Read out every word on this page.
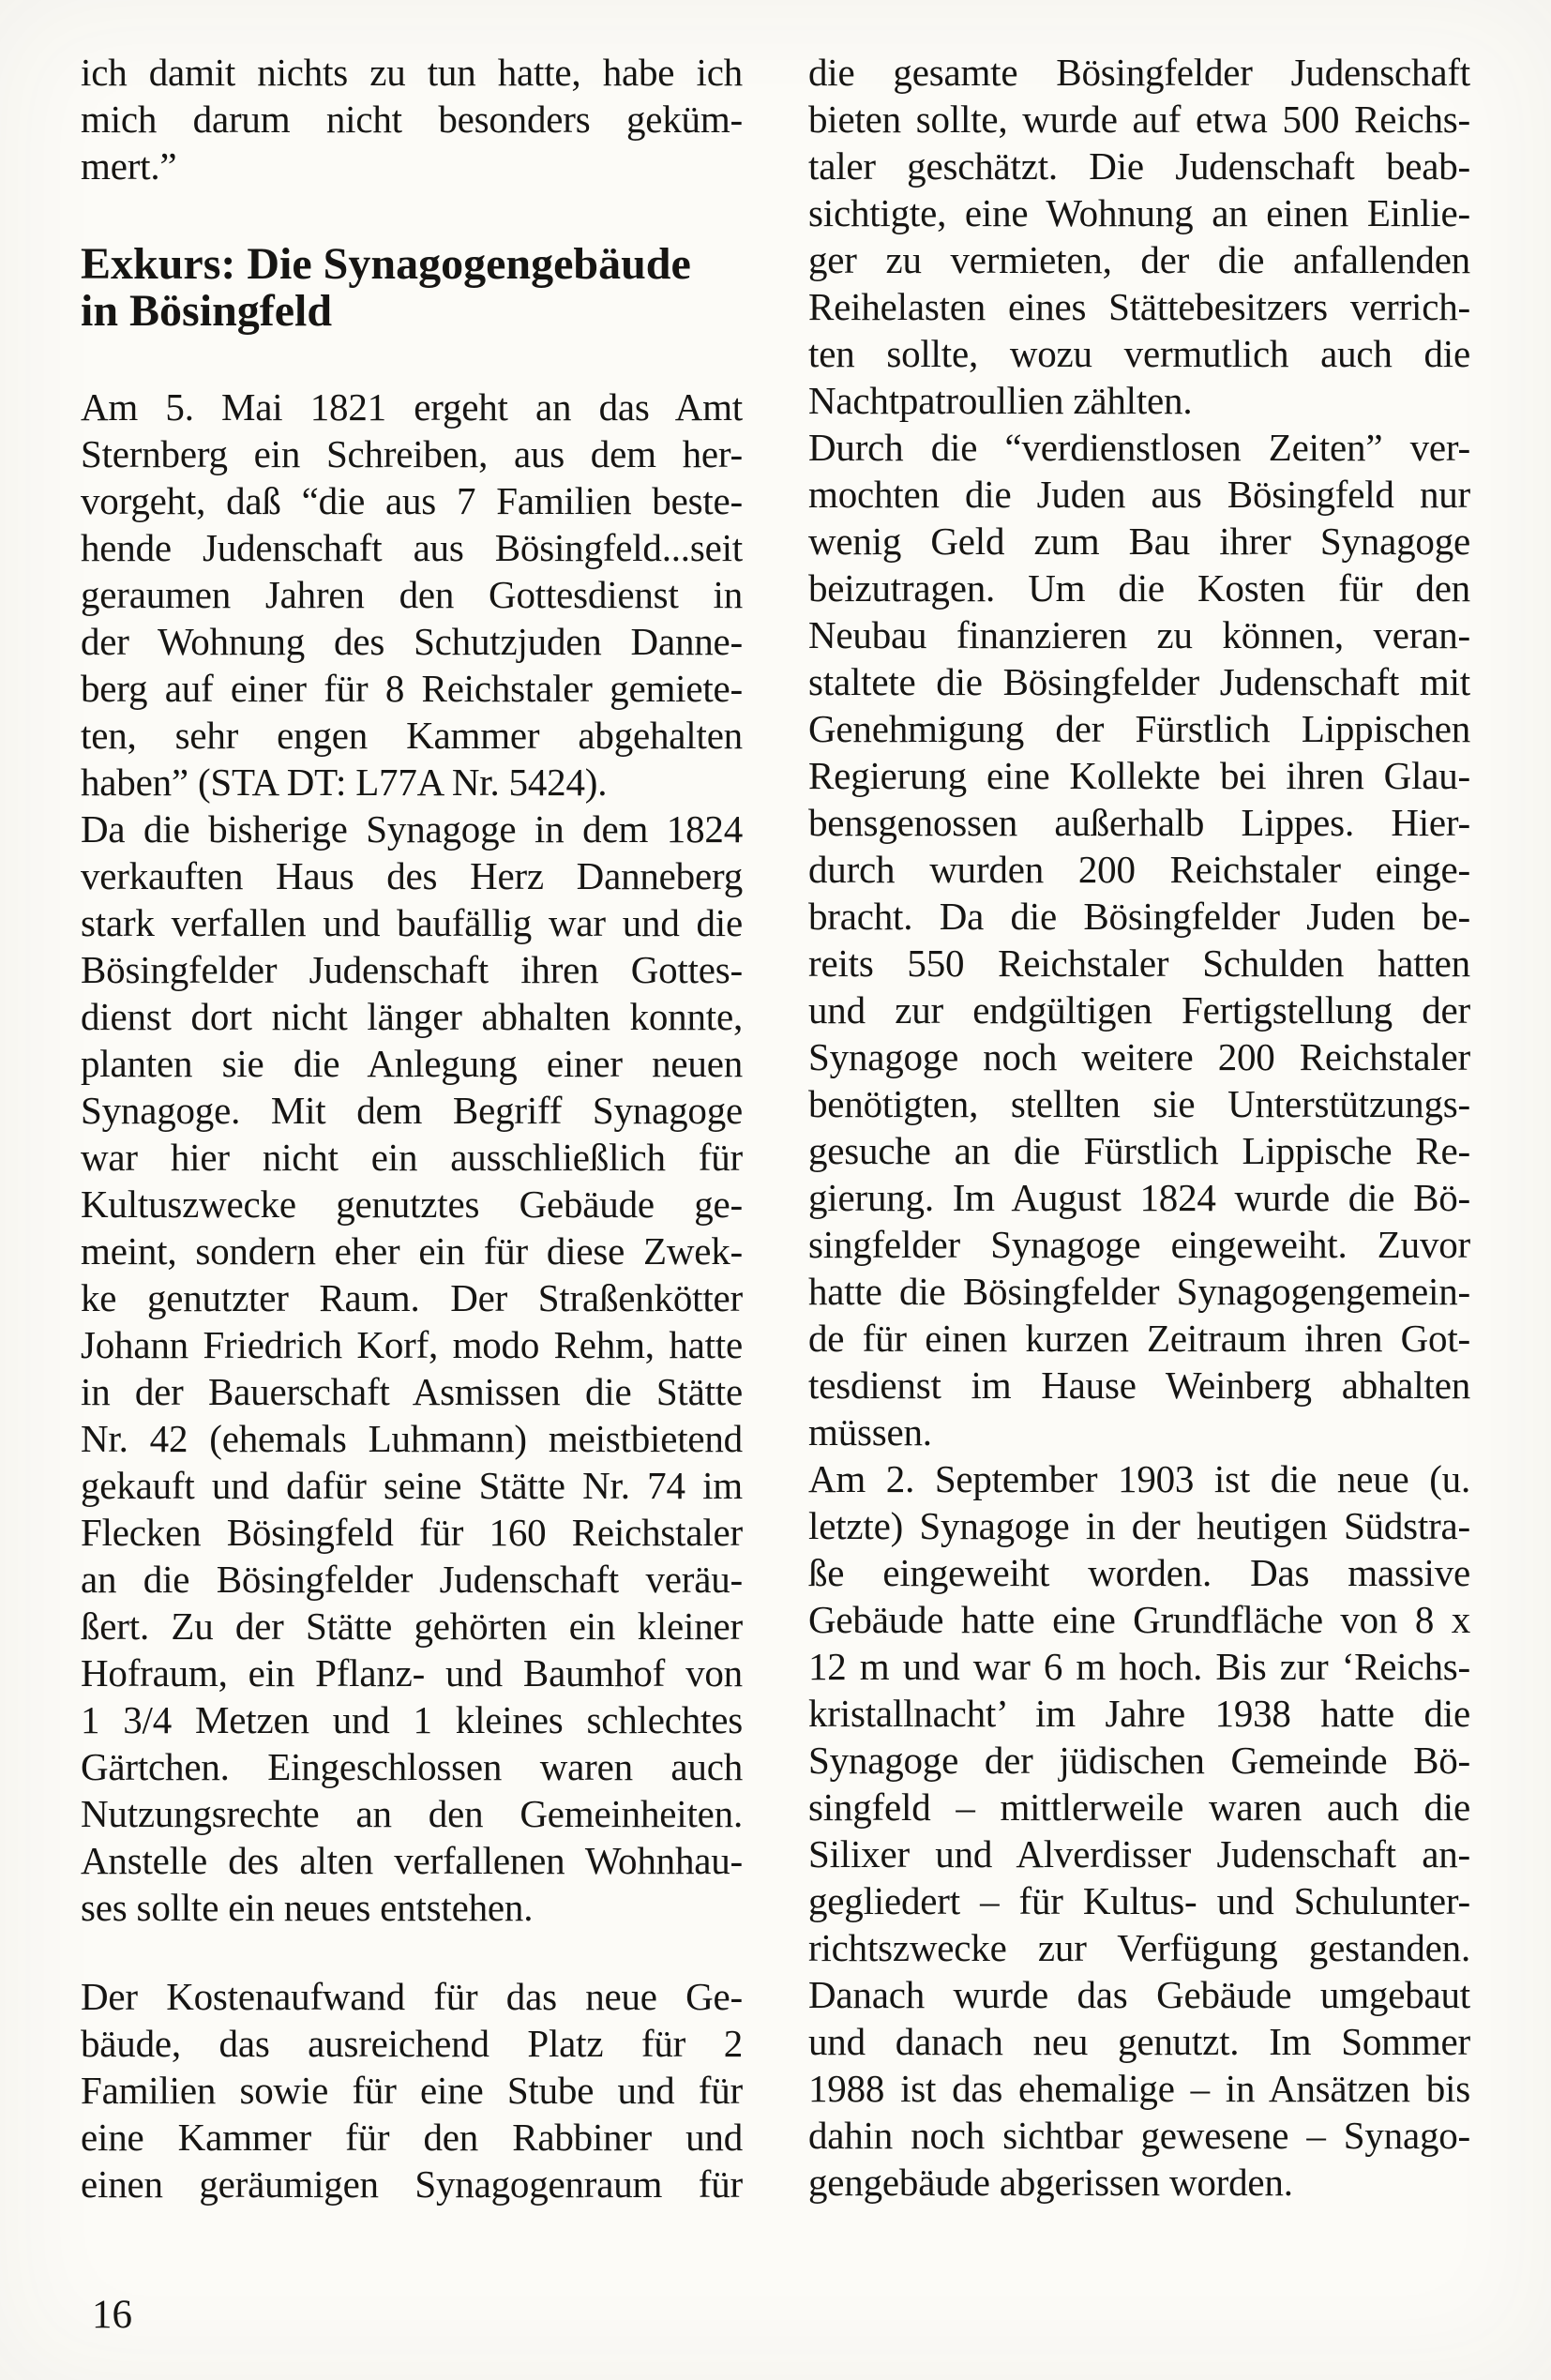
ich damit nichts zu tun hatte, habe ich
mich darum nicht besonders geküm-
mert.”
Exkurs: Die Synagogengebäude
in Bösingfeld
Am 5. Mai 1821 ergeht an das Amt
Sternberg ein Schreiben, aus dem her-
vorgeht, daß “die aus 7 Familien beste-
hende Judenschaft aus Bösingfeld...seit
geraumen Jahren den Gottesdienst in
der Wohnung des Schutzjuden Danne-
berg auf einer für 8 Reichstaler gemiete-
ten, sehr engen Kammer abgehalten
haben” (STA DT: L77A Nr. 5424).
Da die bisherige Synagoge in dem 1824
verkauften Haus des Herz Danneberg
stark verfallen und baufällig war und die
Bösingfelder Judenschaft ihren Gottes-
dienst dort nicht länger abhalten konnte,
planten sie die Anlegung einer neuen
Synagoge. Mit dem Begriff Synagoge
war hier nicht ein ausschließlich für
Kultuszwecke genutztes Gebäude ge-
meint, sondern eher ein für diese Zwek-
ke genutzter Raum. Der Straßenkötter
Johann Friedrich Korf, modo Rehm, hatte
in der Bauerschaft Asmissen die Stätte
Nr. 42 (ehemals Luhmann) meistbietend
gekauft und dafür seine Stätte Nr. 74 im
Flecken Bösingfeld für 160 Reichstaler
an die Bösingfelder Judenschaft veräu-
ßert. Zu der Stätte gehörten ein kleiner
Hofraum, ein Pflanz- und Baumhof von
1 3/4 Metzen und 1 kleines schlechtes
Gärtchen. Eingeschlossen waren auch
Nutzungsrechte an den Gemeinheiten.
Anstelle des alten verfallenen Wohnhau-
ses sollte ein neues entstehen.
Der Kostenaufwand für das neue Ge-
bäude, das ausreichend Platz für 2
Familien sowie für eine Stube und für
eine Kammer für den Rabbiner und
einen geräumigen Synagogenraum für
die gesamte Bösingfelder Judenschaft
bieten sollte, wurde auf etwa 500 Reichs-
taler geschätzt. Die Judenschaft beab-
sichtigte, eine Wohnung an einen Einlie-
ger zu vermieten, der die anfallenden
Reihelasten eines Stättebesitzers verrich-
ten sollte, wozu vermutlich auch die
Nachtpatroullien zählten.
Durch die “verdienstlosen Zeiten” ver-
mochten die Juden aus Bösingfeld nur
wenig Geld zum Bau ihrer Synagoge
beizutragen. Um die Kosten für den
Neubau finanzieren zu können, veran-
staltete die Bösingfelder Judenschaft mit
Genehmigung der Fürstlich Lippischen
Regierung eine Kollekte bei ihren Glau-
bensgenossen außerhalb Lippes. Hier-
durch wurden 200 Reichstaler einge-
bracht. Da die Bösingfelder Juden be-
reits 550 Reichstaler Schulden hatten
und zur endgültigen Fertigstellung der
Synagoge noch weitere 200 Reichstaler
benötigten, stellten sie Unterstützungs-
gesuche an die Fürstlich Lippische Re-
gierung. Im August 1824 wurde die Bö-
singfelder Synagoge eingeweiht. Zuvor
hatte die Bösingfelder Synagogengemein-
de für einen kurzen Zeitraum ihren Got-
tesdienst im Hause Weinberg abhalten
müssen.
Am 2. September 1903 ist die neue (u.
letzte) Synagoge in der heutigen Südstra-
ße eingeweiht worden. Das massive
Gebäude hatte eine Grundfläche von 8 x
12 m und war 6 m hoch. Bis zur ‘Reichs-
kristallnacht’ im Jahre 1938 hatte die
Synagoge der jüdischen Gemeinde Bö-
singfeld – mittlerweile waren auch die
Silixer und Alverdisser Judenschaft an-
gegliedert – für Kultus- und Schulunter-
richtszwecke zur Verfügung gestanden.
Danach wurde das Gebäude umgebaut
und danach neu genutzt. Im Sommer
1988 ist das ehemalige – in Ansätzen bis
dahin noch sichtbar gewesene – Synago-
gengebäude abgerissen worden.
16
